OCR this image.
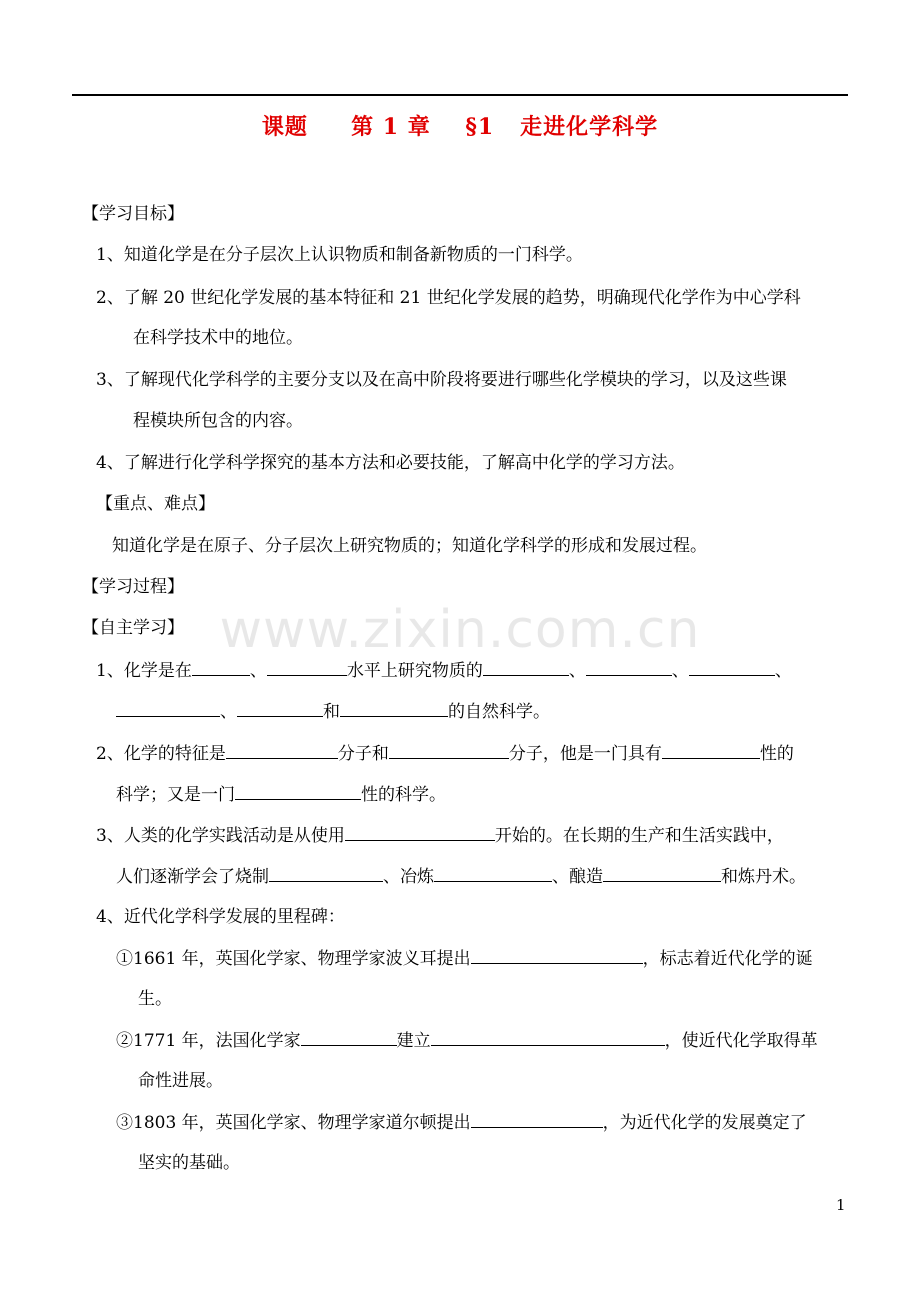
课题     第 1 章    §1   走进化学科学
【学习目标】
1、知道化学是在分子层次上认识物质和制备新物质的一门科学。
2、了解 20 世纪化学发展的基本特征和 21 世纪化学发展的趋势，明确现代化学作为中心学科
在科学技术中的地位。
3、了解现代化学科学的主要分支以及在高中阶段将要进行哪些化学模块的学习，以及这些课
程模块所包含的内容。
4、了解进行化学科学探究的基本方法和必要技能，了解高中化学的学习方法。
【重点、难点】
知道化学是在原子、分子层次上研究物质的；知道化学科学的形成和发展过程。
【学习过程】
【自主学习】
1、化学是在	、	水平上研究物质的	、	、	、
、	和	的自然科学。
2、化学的特征是	分子和	分子，他是一门具有	性的
科学；又是一门	性的科学。
3、人类的化学实践活动是从使用	开始的。在长期的生产和生活实践中，
人们逐渐学会了烧制	、冶炼	、酿造	和炼丹术。
4、近代化学科学发展的里程碑：
①1661 年，英国化学家、物理学家波义耳提出	，标志着近代化学的诞
生。
②1771 年，法国化学家	建立	，使近代化学取得革
命性进展。
③1803 年，英国化学家、物理学家道尔顿提出	，为近代化学的发展奠定了
坚实的基础。
www.zixin.com.cn
1
